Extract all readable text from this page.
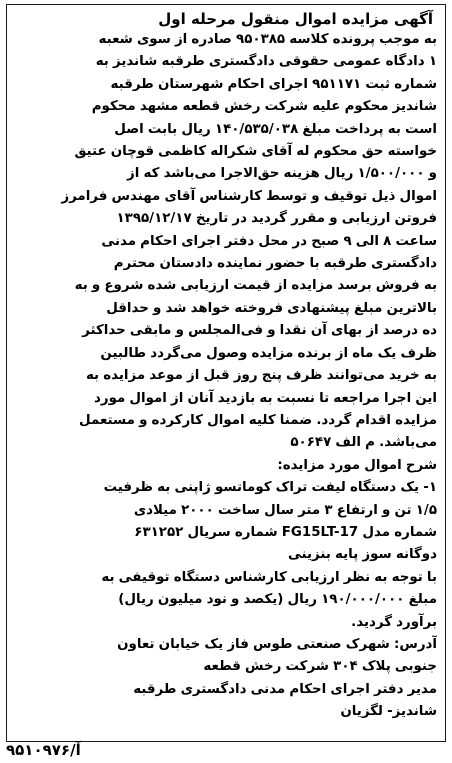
آگهی مزایده اموال منقول مرحله اول
به موجب پرونده کلاسه ۹۵۰۳۸۵ صادره از سوی شعبه
۱ دادگاه عمومی حقوقی دادگستری طرقبه شاندیز به
شماره ثبت ۹۵۱۱۷۱ اجرای احکام شهرستان طرقبه
شاندیز محکوم علیه شرکت رخش قطعه مشهد محکوم
است به پرداخت مبلغ ۱۴۰/۵۳۵/۰۳۸ ریال بابت اصل
خواسته حق محکوم له آقای شکراله کاظمی قوچان عتیق
و ۱/۵۰۰/۰۰۰ ریال هزینه حق‌الاجرا می‌باشد که از
اموال ذیل توقیف و توسط کارشناس آقای مهندس فرامرز
فروتن ارزیابی و مقرر گردید در تاریخ ۱۳۹۵/۱۲/۱۷
ساعت ۸ الی ۹ صبح در محل دفتر اجرای احکام مدنی
دادگستری طرقبه با حضور نماینده دادستان محترم
به فروش برسد مزایده از قیمت ارزیابی شده شروع و به
بالاترین مبلغ پیشنهادی فروخته خواهد شد و حداقل
ده درصد از بهای آن نقدا و فی‌المجلس و مابقی حداکثر
ظرف یک ماه از برنده مزایده وصول می‌گردد طالبین
به خرید می‌توانند ظرف پنج روز قبل از موعد مزایده به
این اجرا مراجعه تا نسبت به بازدید آنان از اموال مورد
مزایده اقدام گردد. ضمنا کلیه اموال کارکرده و مستعمل
می‌باشد. م الف ۵۰۶۴۷
شرح اموال مورد مزایده:
۱- یک دستگاه لیفت تراک کوماتسو ژاپنی به ظرفیت
۱/۵ تن و ارتفاع ۳ متر سال ساخت ۲۰۰۰ میلادی
شماره مدل FG15LT-17 شماره سریال ۶۳۱۲۵۲
دوگانه سوز پایه بنزینی
با توجه به نظر ارزیابی کارشناس دستگاه توقیفی به
مبلغ ۱۹۰/۰۰۰/۰۰۰ ریال (یکصد و نود میلیون ریال)
برآورد گردید.
آدرس: شهرک صنعتی طوس فاز یک خیابان تعاون
جنوبی پلاک ۳۰۴ شرکت رخش قطعه
مدیر دفتر اجرای احکام مدنی دادگستری طرقبه
شاندیز- لگزیان
آ/۹۵۱۰۹۷۶
